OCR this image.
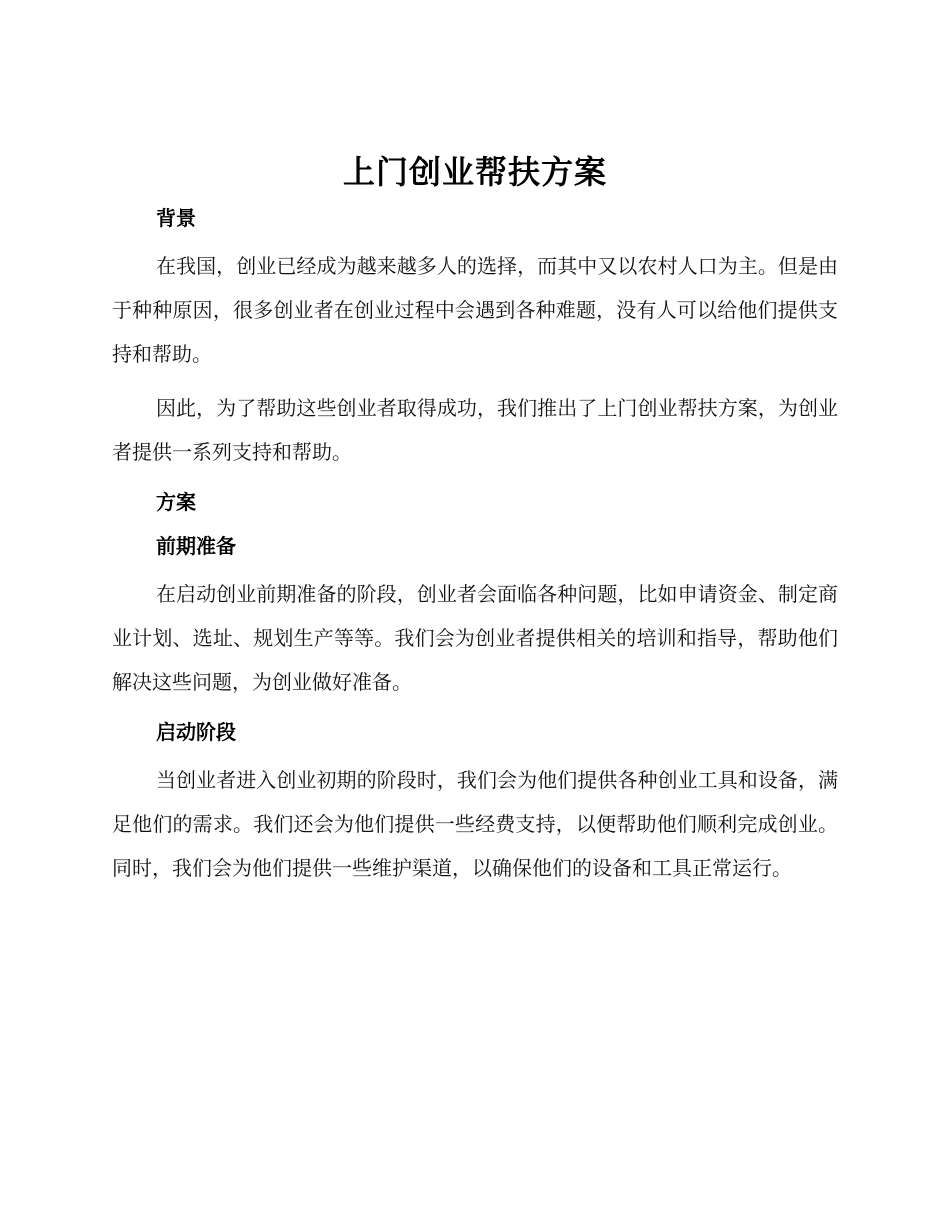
上门创业帮扶方案
背景

在我国，创业已经成为越来越多人的选择，而其中又以农村人口为主。但是由于种种原因，很多创业者在创业过程中会遇到各种难题，没有人可以给他们提供支持和帮助。

因此，为了帮助这些创业者取得成功，我们推出了上门创业帮扶方案，为创业者提供一系列支持和帮助。

方案
前期准备

在启动创业前期准备的阶段，创业者会面临各种问题，比如申请资金、制定商业计划、选址、规划生产等等。我们会为创业者提供相关的培训和指导，帮助他们解决这些问题，为创业做好准备。

启动阶段

当创业者进入创业初期的阶段时，我们会为他们提供各种创业工具和设备，满足他们的需求。我们还会为他们提供一些经费支持，以便帮助他们顺利完成创业。同时，我们会为他们提供一些维护渠道，以确保他们的设备和工具正常运行。
